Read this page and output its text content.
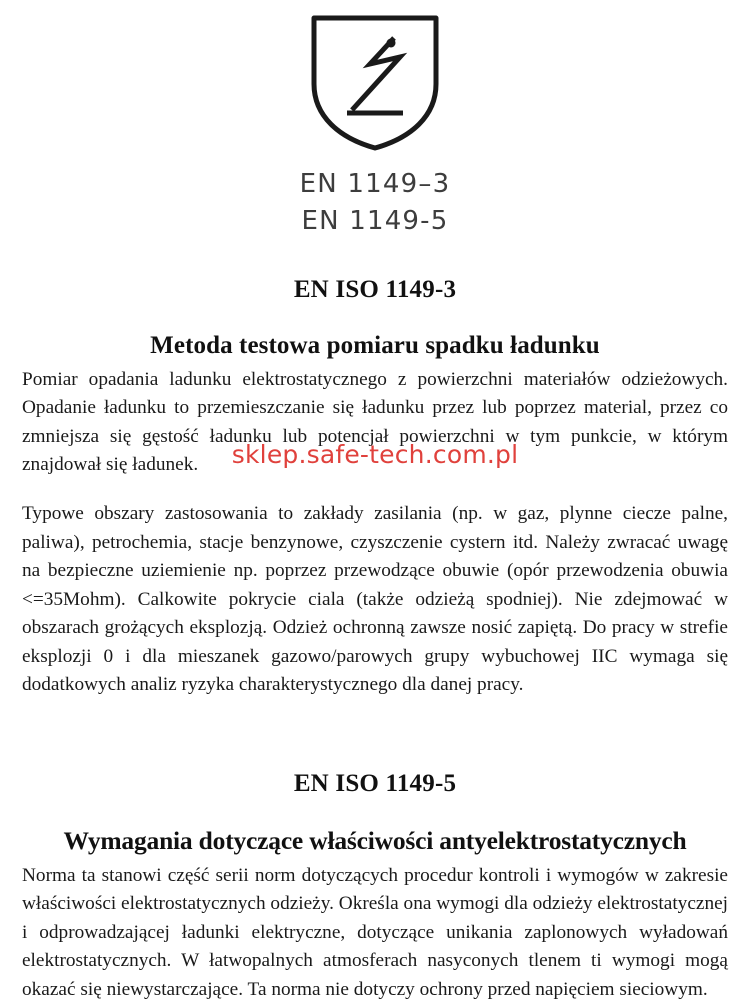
EN 1149–3
EN 1149-5
EN ISO 1149-3
Metoda testowa pomiaru spadku ładunku

Pomiar opadania ladunku elektrostatycznego z powierzchni materiałów odzieżowych. Opadanie ładunku to przemieszczanie się ładunku przez lub poprzez material, przez co zmniejsza się gęstość ładunku lub potencjał powierzchni w tym punkcie, w którym znajdował się ładunek.

Typowe obszary zastosowania to zakłady zasilania (np. w gaz, plynne ciecze palne, paliwa), petrochemia, stacje benzynowe, czyszczenie cystern itd. Należy zwracać uwagę na bezpieczne uziemienie np. poprzez przewodzące obuwie (opór przewodzenia obuwia <=35Mohm). Calkowite pokrycie ciala (także odzieżą spodniej). Nie zdejmować w obszarach grożących eksplozją. Odzież ochronną zawsze nosić zapiętą. Do pracy w strefie eksplozji 0 i dla mieszanek gazowo/parowych grupy wybuchowej IIC wymaga się dodatkowych analiz ryzyka charakterystycznego dla danej pracy.

EN ISO 1149-5
Wymagania dotyczące właściwości antyelektrostatycznych

Norma ta stanowi część serii norm dotyczących procedur kontroli i wymogów w zakresie właściwości elektrostatycznych odzieży. Określa ona wymogi dla odzieży elektrostatycznej i odprowadzającej ładunki elektryczne, dotyczące unikania zaplonowych wyładowań elektrostatycznych. W łatwopalnych atmosferach nasyconych tlenem ti wymogi mogą okazać się niewystarczające. Ta norma nie dotyczy ochrony przed napięciem sieciowym.

sklep.safe-tech.com.pl
